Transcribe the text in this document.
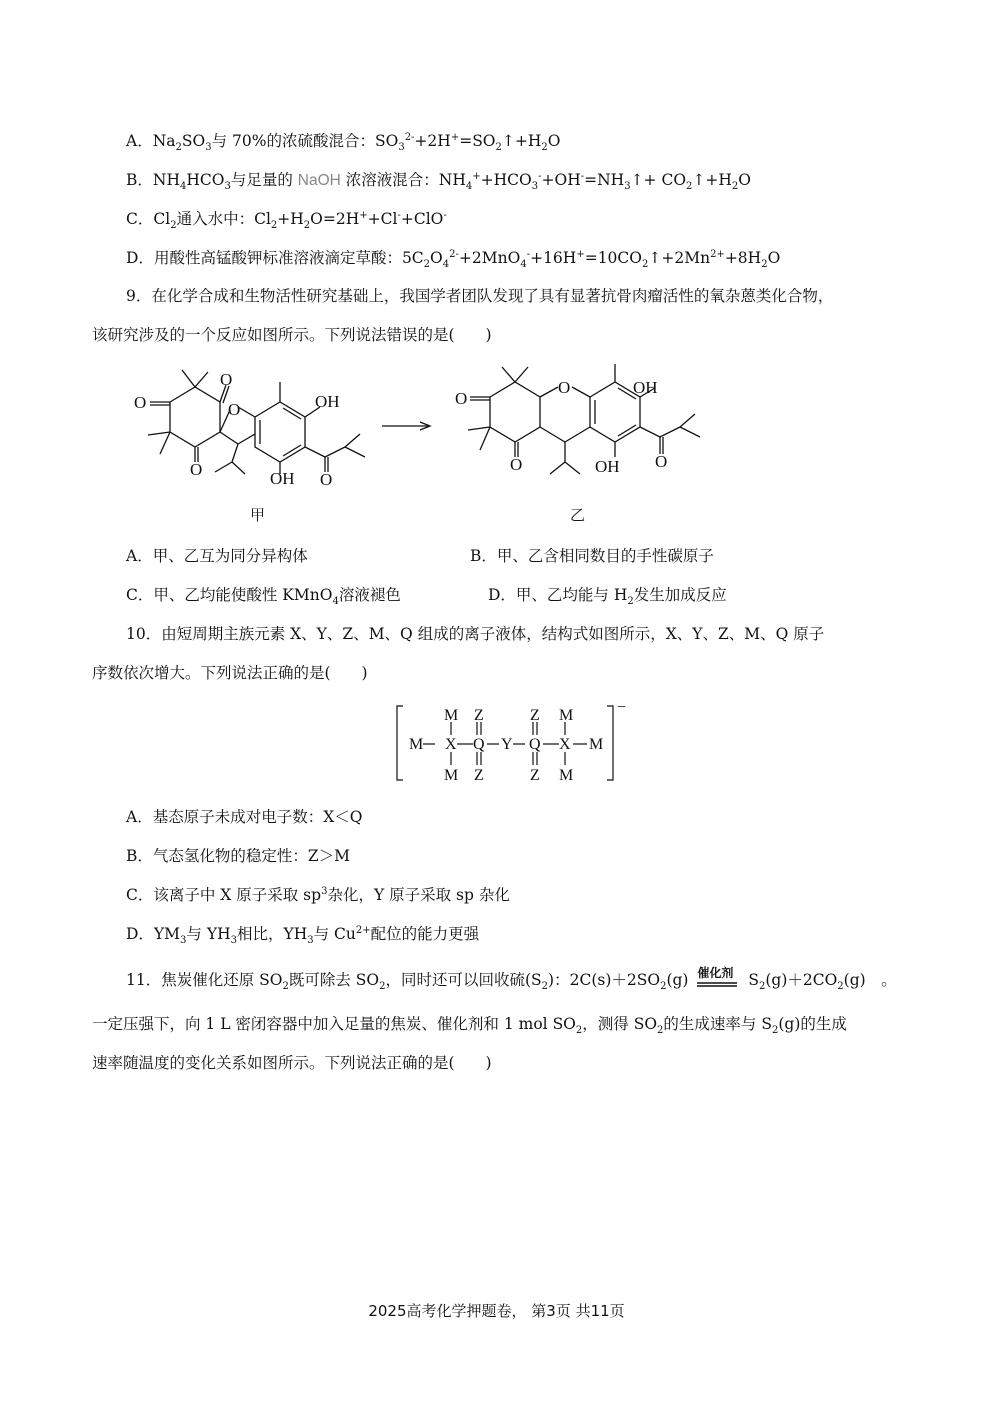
A．$Na_2SO_3$与 70%的浓硫酸混合：$SO_3^{2-}+2H^+=SO_2↑+H_2O$
B．$NH_4HCO_3$与足量的 NaOH 浓溶液混合：$NH_4^++HCO_3^-+OH^-=NH_3↑+$ $CO_2↑+H_2O$
C．$Cl_2$通入水中：$Cl_2+H_2O=2H^++Cl^-+ClO^-$
D．用酸性高锰酸钾标准溶液滴定草酸：$5C_2O_4^{2-}+2MnO_4^-+16H^+=10CO_2↑+2Mn^{2+}+8H_2O$
9．在化学合成和生物活性研究基础上，我国学者团队发现了具有显著抗骨肉瘤活性的氧杂蒽类化合物，
该研究涉及的一个反应如图所示。下列说法错误的是(　　)
O
O
O
O	OH
OH O
O
O
O	OH
OH O
甲	乙
A．甲、乙互为同分异构体	B．甲、乙含相同数目的手性碳原子
C．甲、乙均能使酸性 KMnO$_4$溶液褪色	D．甲、乙均能与 $H_2$发生加成反应
10．由短周期主族元素 X、Y、Z、M、Q 组成的离子液体，结构式如图所示，X、Y、Z、M、Q 原子
序数依次增大。下列说法正确的是(　　)
M
M
X
M
Z
Q
Z
Y
Z
Q
Z
M
X
M
M
−
A．基态原子未成对电子数：X＜Q
B．气态氢化物的稳定性：Z＞M
C．该离子中 X 原子采取 $sp^3$杂化，Y 原子采取 sp 杂化
D．$YM_3$与 $YH_3$相比，$YH_3$与 $Cu^{2+}$配位的能力更强
11．焦炭催化还原 $SO_2$既可除去 $SO_2$，同时还可以回收硫$(S_2)$：$2C(s)+2SO_2(g)$ 催化剂 $S_2(g)+2CO_2(g)$　。
一定压强下，向 1 L 密闭容器中加入足量的焦炭、催化剂和 1 mol $SO_2$，测得 $SO_2$的生成速率与 $S_2(g)$的生成
速率随温度的变化关系如图所示。下列说法正确的是(　　)
2025高考化学押题卷， 第3页 共11页
